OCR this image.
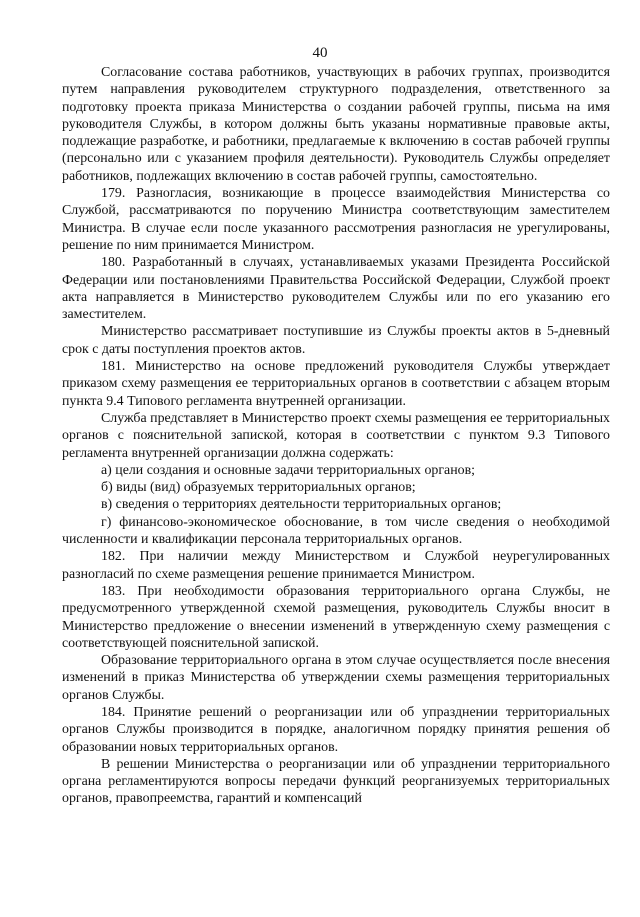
40

Согласование состава работников, участвующих в рабочих группах, производится путем направления руководителем структурного подразделения, ответственного за подготовку проекта приказа Министерства о создании рабочей группы, письма на имя руководителя Службы, в котором должны быть указаны нормативные правовые акты, подлежащие разработке, и работники, предлагаемые к включению в состав рабочей группы (персонально или с указанием профиля деятельности). Руководитель Службы определяет работников, подлежащих включению в состав рабочей группы, самостоятельно.

179. Разногласия, возникающие в процессе взаимодействия Министерства со Службой, рассматриваются по поручению Министра соответствующим заместителем Министра. В случае если после указанного рассмотрения разногласия не урегулированы, решение по ним принимается Министром.

180. Разработанный в случаях, устанавливаемых указами Президента Российской Федерации или постановлениями Правительства Российской Федерации, Службой проект акта направляется в Министерство руководителем Службы или по его указанию его заместителем.

Министерство рассматривает поступившие из Службы проекты актов в 5-дневный срок с даты поступления проектов актов.

181. Министерство на основе предложений руководителя Службы утверждает приказом схему размещения ее территориальных органов в соответствии с абзацем вторым пункта 9.4 Типового регламента внутренней организации.

Служба представляет в Министерство проект схемы размещения ее территориальных органов с пояснительной запиской, которая в соответствии с пунктом 9.3 Типового регламента внутренней организации должна содержать:

а) цели создания и основные задачи территориальных органов;

б) виды (вид) образуемых территориальных органов;

в) сведения о территориях деятельности территориальных органов;

г) финансово-экономическое обоснование, в том числе сведения о необходимой численности и квалификации персонала территориальных органов.

182. При наличии между Министерством и Службой неурегулированных разногласий по схеме размещения решение принимается Министром.

183. При необходимости образования территориального органа Службы, не предусмотренного утвержденной схемой размещения, руководитель Службы вносит в Министерство предложение о внесении изменений в утвержденную схему размещения с соответствующей пояснительной запиской.

Образование территориального органа в этом случае осуществляется после внесения изменений в приказ Министерства об утверждении схемы размещения территориальных органов Службы.

184. Принятие решений о реорганизации или об упразднении территориальных органов Службы производится в порядке, аналогичном порядку принятия решения об образовании новых территориальных органов.

В решении Министерства о реорганизации или об упразднении территориального органа регламентируются вопросы передачи функций реорганизуемых территориальных органов, правопреемства, гарантий и компенсаций
